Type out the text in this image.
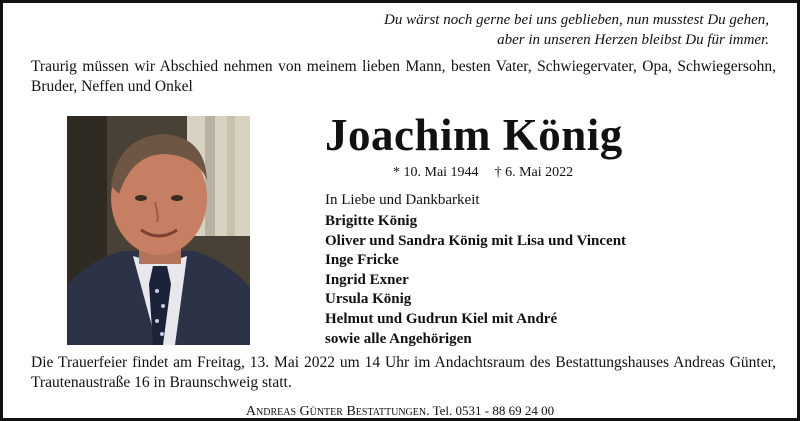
Du wärst noch gerne bei uns geblieben, nun musstest Du gehen,
aber in unseren Herzen bleibst Du für immer.
Traurig müssen wir Abschied nehmen von meinem lieben Mann, besten Vater, Schwiegervater, Opa, Schwiegersohn, Bruder, Neffen und Onkel
Joachim König
* 10. Mai 1944 † 6. Mai 2022
In Liebe und Dankbarkeit
Brigitte König
Oliver und Sandra König mit Lisa und Vincent
Inge Fricke
Ingrid Exner
Ursula König
Helmut und Gudrun Kiel mit André
sowie alle Angehörigen
Die Trauerfeier findet am Freitag, 13. Mai 2022 um 14 Uhr im Andachtsraum des Bestattungshauses Andreas Günter, Trautenaustraße 16 in Braunschweig statt.
Andreas Günter Bestattungen. Tel. 0531 - 88 69 24 00
